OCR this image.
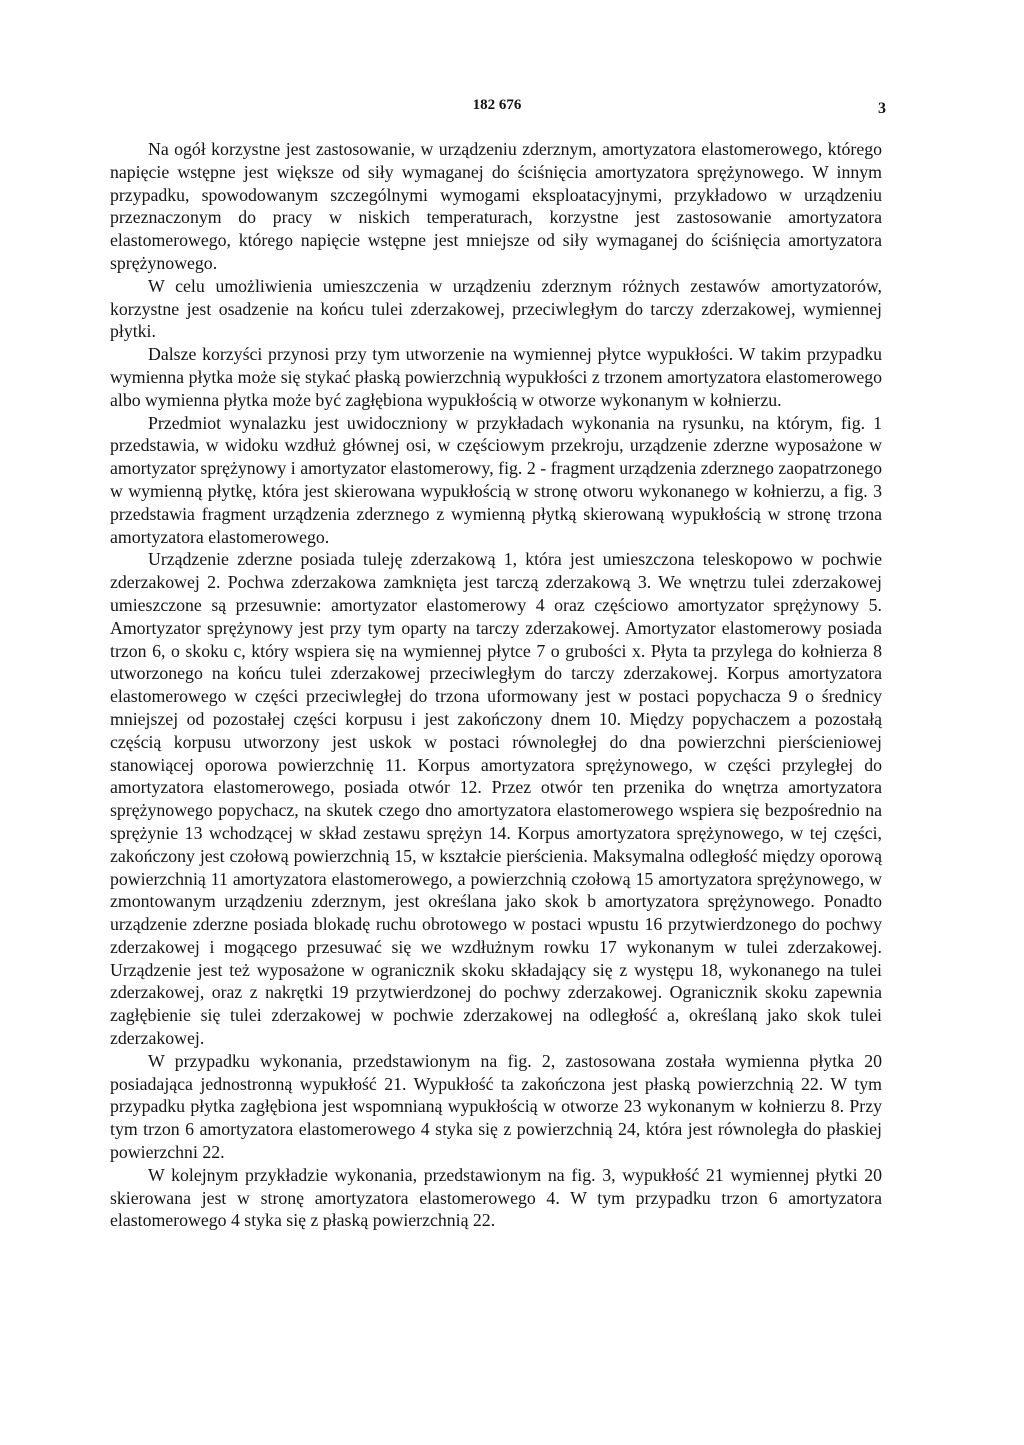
182 676	3

Na ogół korzystne jest zastosowanie, w urządzeniu zderznym, amortyzatora elastomerowego, którego napięcie wstępne jest większe od siły wymaganej do ściśnięcia amortyzatora sprężynowego. W innym przypadku, spowodowanym szczególnymi wymogami eksploatacyjnymi, przykładowo w urządzeniu przeznaczonym do pracy w niskich temperaturach, korzystne jest zastosowanie amortyzatora elastomerowego, którego napięcie wstępne jest mniejsze od siły wymaganej do ściśnięcia amortyzatora sprężynowego.

W celu umożliwienia umieszczenia w urządzeniu zderznym różnych zestawów amortyzatorów, korzystne jest osadzenie na końcu tulei zderzakowej, przeciwległym do tarczy zderzakowej, wymiennej płytki.

Dalsze korzyści przynosi przy tym utworzenie na wymiennej płytce wypukłości. W takim przypadku wymienna płytka może się stykać płaską powierzchnią wypukłości z trzonem amortyzatora elastomerowego albo wymienna płytka może być zagłębiona wypukłością w otworze wykonanym w kołnierzu.

Przedmiot wynalazku jest uwidoczniony w przykładach wykonania na rysunku, na którym, fig. 1 przedstawia, w widoku wzdłuż głównej osi, w częściowym przekroju, urządzenie zderzne wyposażone w amortyzator sprężynowy i amortyzator elastomerowy, fig. 2 - fragment urządzenia zderznego zaopatrzonego w wymienną płytkę, która jest skierowana wypukłością w stronę otworu wykonanego w kołnierzu, a fig. 3 przedstawia fragment urządzenia zderznego z wymienną płytką skierowaną wypukłością w stronę trzona amortyzatora elastomerowego.

Urządzenie zderzne posiada tuleję zderzakową 1, która jest umieszczona teleskopowo w pochwie zderzakowej 2. Pochwa zderzakowa zamknięta jest tarczą zderzakową 3. We wnętrzu tulei zderzakowej umieszczone są przesuwnie: amortyzator elastomerowy 4 oraz częściowo amortyzator sprężynowy 5. Amortyzator sprężynowy jest przy tym oparty na tarczy zderzakowej. Amortyzator elastomerowy posiada trzon 6, o skoku c, który wspiera się na wymiennej płytce 7 o grubości x. Płyta ta przylega do kołnierza 8 utworzonego na końcu tulei zderzakowej przeciwległym do tarczy zderzakowej. Korpus amortyzatora elastomerowego w części przeciwległej do trzona uformowany jest w postaci popychacza 9 o średnicy mniejszej od pozostałej części korpusu i jest zakończony dnem 10. Między popychaczem a pozostałą częścią korpusu utworzony jest uskok w postaci równoległej do dna powierzchni pierścieniowej stanowiącej oporowa powierzchnię 11. Korpus amortyzatora sprężynowego, w części przyległej do amortyzatora elastomerowego, posiada otwór 12. Przez otwór ten przenika do wnętrza amortyzatora sprężynowego popychacz, na skutek czego dno amortyzatora elastomerowego wspiera się bezpośrednio na sprężynie 13 wchodzącej w skład zestawu sprężyn 14. Korpus amortyzatora sprężynowego, w tej części, zakończony jest czołową powierzchnią 15, w kształcie pierścienia. Maksymalna odległość między oporową powierzchnią 11 amortyzatora elastomerowego, a powierzchnią czołową 15 amortyzatora sprężynowego, w zmontowanym urządzeniu zderznym, jest określana jako skok b amortyzatora sprężynowego. Ponadto urządzenie zderzne posiada blokadę ruchu obrotowego w postaci wpustu 16 przytwierdzonego do pochwy zderzakowej i mogącego przesuwać się we wzdłużnym rowku 17 wykonanym w tulei zderzakowej. Urządzenie jest też wyposażone w ogranicznik skoku składający się z występu 18, wykonanego na tulei zderzakowej, oraz z nakrętki 19 przytwierdzonej do pochwy zderzakowej. Ogranicznik skoku zapewnia zagłębienie się tulei zderzakowej w pochwie zderzakowej na odległość a, określaną jako skok tulei zderzakowej.

W przypadku wykonania, przedstawionym na fig. 2, zastosowana została wymienna płytka 20 posiadająca jednostronną wypukłość 21. Wypukłość ta zakończona jest płaską powierzchnią 22. W tym przypadku płytka zagłębiona jest wspomnianą wypukłością w otworze 23 wykonanym w kołnierzu 8. Przy tym trzon 6 amortyzatora elastomerowego 4 styka się z powierzchnią 24, która jest równoległa do płaskiej powierzchni 22.

W kolejnym przykładzie wykonania, przedstawionym na fig. 3, wypukłość 21 wymiennej płytki 20 skierowana jest w stronę amortyzatora elastomerowego 4. W tym przypadku trzon 6 amortyzatora elastomerowego 4 styka się z płaską powierzchnią 22.
